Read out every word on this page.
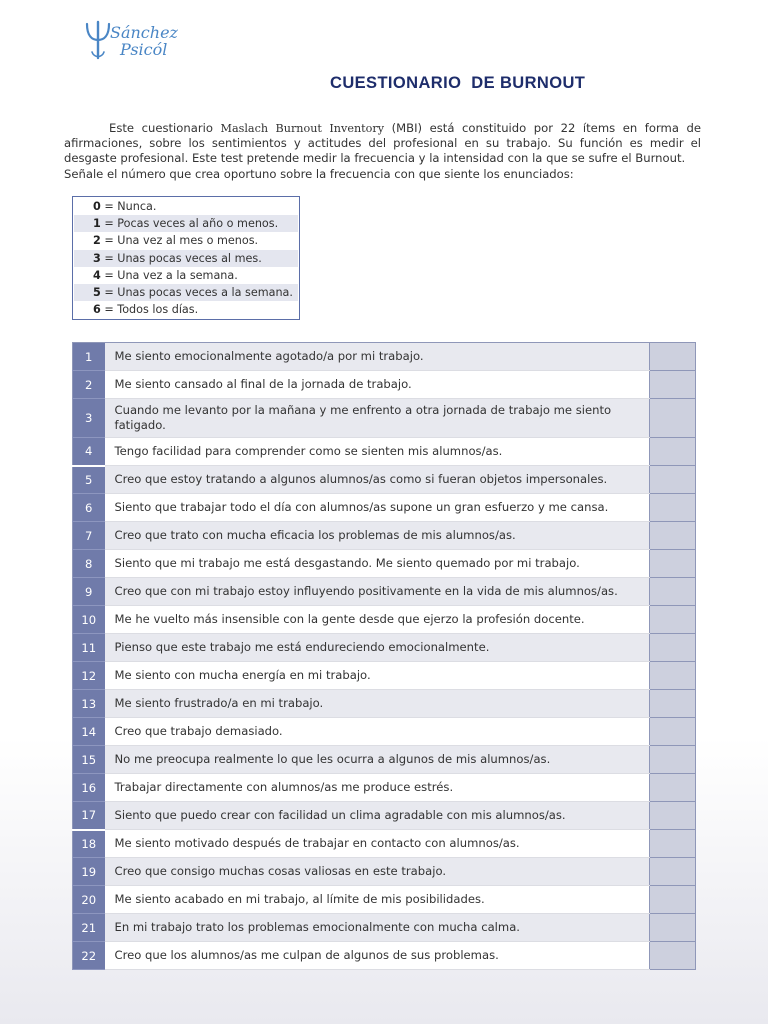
Sánchez
Psicól
CUESTIONARIO  DE BURNOUT

Este cuestionario Maslach Burnout Inventory (MBI) está constituido por 22 ítems en forma de afirmaciones, sobre los sentimientos y actitudes del profesional en su trabajo. Su función es medir el desgaste profesional. Este test pretende medir la frecuencia y la intensidad con la que se sufre el Burnout.

Señale el número que crea oportuno sobre la frecuencia con que siente los enunciados:

0 = Nunca.
1 = Pocas veces al año o menos.
2 = Una vez al mes o menos.
3 = Unas pocas veces al mes.
4 = Una vez a la semana.
5 = Unas pocas veces a la semana.
6 = Todos los días.
1	Me siento emocionalmente agotado/a por mi trabajo.	
2	Me siento cansado al final de la jornada de trabajo.	
3	Cuando me levanto por la mañana y me enfrento a otra jornada de trabajo me siento fatigado.	
4	Tengo facilidad para comprender como se sienten mis alumnos/as.	
5	Creo que estoy tratando a algunos alumnos/as como si fueran objetos impersonales.	
6	Siento que trabajar todo el día con alumnos/as supone un gran esfuerzo y me cansa.	
7	Creo que trato con mucha eficacia los problemas de mis alumnos/as.	
8	Siento que mi trabajo me está desgastando. Me siento quemado por mi trabajo.	
9	Creo que con mi trabajo estoy influyendo positivamente en la vida de mis alumnos/as.	
10	Me he vuelto más insensible con la gente desde que ejerzo la profesión docente.	
11	Pienso que este trabajo me está endureciendo emocionalmente.	
12	Me siento con mucha energía en mi trabajo.	
13	Me siento frustrado/a en mi trabajo.	
14	Creo que trabajo demasiado.	
15	No me preocupa realmente lo que les ocurra a algunos de mis alumnos/as.	
16	Trabajar directamente con alumnos/as me produce estrés.	
17	Siento que puedo crear con facilidad un clima agradable con mis alumnos/as.	
18	Me siento motivado después de trabajar en contacto con alumnos/as.	
19	Creo que consigo muchas cosas valiosas en este trabajo.	
20	Me siento acabado en mi trabajo, al límite de mis posibilidades.	
21	En mi trabajo trato los problemas emocionalmente con mucha calma.	
22	Creo que los alumnos/as me culpan de algunos de sus problemas.	
